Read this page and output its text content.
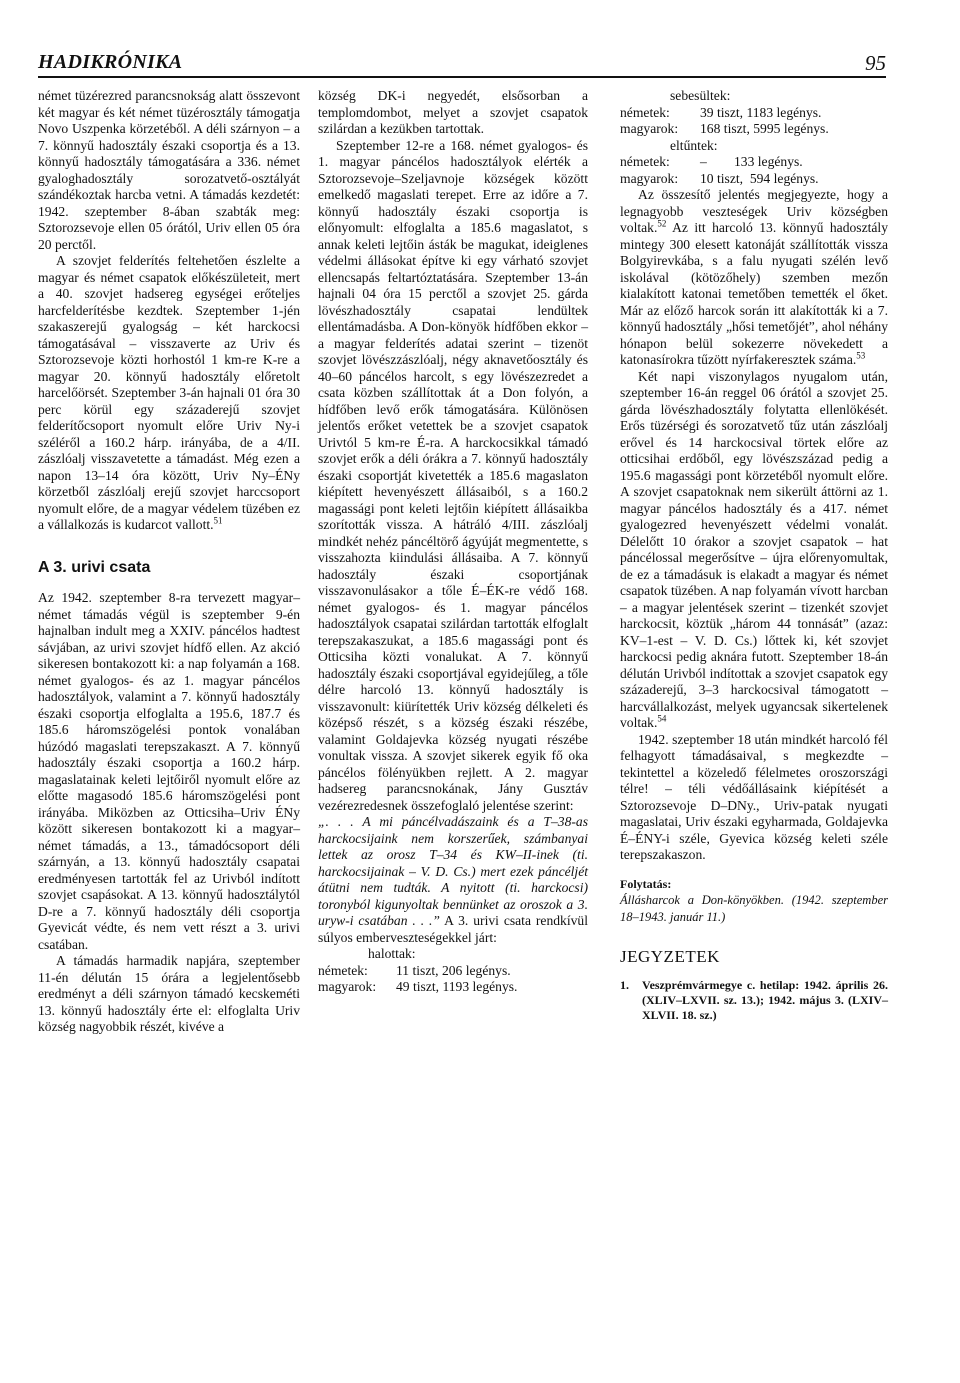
HADIKRÓNIKA	95

német tüzérezred parancsnokság alatt összevont két magyar és két német tüzérosztály támogatja Novo Uszpenka körzetéből. A déli szárnyon – a 7. könnyű hadosztály északi csoportja és a 13. könnyű hadosztály támogatására a 336. német gyaloghadosztály sorozatvető-osztályát szándékoztak harcba vetni. A támadás kezdetét: 1942. szeptember 8-ában szabták meg: Sztorozsevoje ellen 05 órától, Uriv ellen 05 óra 20 perctől.

A szovjet felderítés feltehetően észlelte a magyar és német csapatok előkészületeit, mert a 40. szovjet hadsereg egységei erőteljes harcfelderítésbe kezdtek. Szeptember 1-jén szakaszerejű gyalogság – két harckocsi támogatásával – visszaverte az Uriv és Sztorozsevoje közti horhostól 1 km-re K-re a magyar 20. könnyű hadosztály előretolt harcelőörsét. Szeptember 3-án hajnali 01 óra 30 perc körül egy századerejű szovjet felderítőcsoport nyomult előre Uriv Ny-i széléről a 160.2 hárp. irányába, de a 4/II. zászlóalj visszavetette a támadást. Még ezen a napon 13–14 óra között, Uriv Ny–ÉNy körzetből zászlóalj erejű szovjet harccsoport nyomult előre, de a magyar védelem tüzében ez a vállalkozás is kudarcot vallott.$^{51}$

A 3. urivi csata

Az 1942. szeptember 8-ra tervezett magyar–német támadás végül is szeptember 9-én hajnalban indult meg a XXIV. páncélos hadtest sávjában, az urivi szovjet hídfő ellen. Az akció sikeresen bontakozott ki: a nap folyamán a 168. német gyalogos- és az 1. magyar páncélos hadosztályok, valamint a 7. könnyű hadosztály északi csoportja elfoglalta a 195.6, 187.7 és 185.6 háromszögelési pontok vonalában húzódó magaslati terepszakaszt. A 7. könnyű hadosztály északi csoportja a 160.2 hárp. magaslatainak keleti lejtőiről nyomult előre az előtte magasodó 185.6 háromszögelési pont irányába. Miközben az Otticsiha–Uriv ÉNy között sikeresen bontakozott ki a magyar–német támadás, a 13., támadócsoport déli szárnyán, a 13. könnyű hadosztály csapatai eredményesen tartották fel az Urivból indított szovjet csapásokat. A 13. könnyű hadosztálytól D-re a 7. könnyű hadosztály déli csoportja Gyevicát védte, és nem vett részt a 3. urivi csatában.

A támadás harmadik napjára, szeptember 11-én délután 15 órára a legjelentősebb eredményt a déli szárnyon támadó kecskeméti 13. könnyű hadosztály érte el: elfoglalta Uriv község nagyobbik részét, kivéve a

község DK-i negyedét, elsősorban a templomdombot, melyet a szovjet csapatok szilárdan a kezükben tartottak.

Szeptember 12-re a 168. német gyalogos- és 1. magyar páncélos hadosztályok elérték a Sztorozsevoje–Szeljavnoje községek között emelkedő magaslati terepet. Erre az időre a 7. könnyű hadosztály északi csoportja is előnyomult: elfoglalta a 185.6 magaslatot, s annak keleti lejtőin ásták be magukat, ideiglenes védelmi állásokat építve ki egy várható szovjet ellencsapás feltartóztatására. Szeptember 13-án hajnali 04 óra 15 perctől a szovjet 25. gárda lövészhadosztály csapatai lendültek ellentámadásba. A Don-könyök hídfőben ekkor – a magyar felderítés adatai szerint – tizenöt szovjet lövészzászlóalj, négy aknavetőosztály és 40–60 páncélos harcolt, s egy lövészezredet a csata közben szállítottak át a Don folyón, a hídfőben levő erők támogatására. Különösen jelentős erőket vetettek be a szovjet csapatok Urivtól 5 km-re É-ra. A harckocsikkal támadó szovjet erők a déli órákra a 7. könnyű hadosztály északi csoportját kivetették a 185.6 magaslaton kiépített hevenyészett állásaiból, s a 160.2 magassági pont keleti lejtőin kiépített állásaikba szorították vissza. A hátráló 4/III. zászlóalj mindkét nehéz páncéltörő ágyúját megmentette, s visszahozta kiindulási állásaiba. A 7. könnyű hadosztály északi csoportjának visszavonulásakor a tőle É–ÉK-re védő 168. német gyalogos- és 1. magyar páncélos hadosztályok csapatai szilárdan tartották elfoglalt terepszakaszukat, a 185.6 magassági pont és Otticsiha közti vonalukat. A 7. könnyű hadosztály északi csoportjával egyidejűleg, a tőle délre harcoló 13. könnyű hadosztály is visszavonult: kiürítették Uriv község délkeleti és középső részét, s a község északi részébe, valamint Goldajevka község nyugati részébe vonultak vissza. A szovjet sikerek egyik fő oka páncélos fölényükben rejlett. A 2. magyar hadsereg parancsnokának, Jány Gusztáv vezérezredesnek összefoglaló jelentése szerint:

„. . . A mi páncélvadászaink és a T–38-as harckocsijaink nem korszerűek, számbanyai lettek az orosz T–34 és KW–II-inek (ti. harckocsijainak – V. D. Cs.) mert ezek páncéljét átütni nem tudták. A nyitott (ti. harckocsi) toronyból kigunyoltak bennünket az oroszok a 3. uryw-i csatában . . .” A 3. urivi csata rendkívül súlyos emberveszteségekkel járt:

halottak:

németek:	11 tiszt, 206 legénys.
magyarok:	49 tiszt, 1193 legénys.

sebesültek:

németek:	39 tiszt, 1183 legénys.
magyarok:	168 tiszt, 5995 legénys.

eltűntek:

németek:	–        133 legénys.
magyarok:	10 tiszt,  594 legénys.

Az összesítő jelentés megjegyezte, hogy a legnagyobb veszteségek Uriv községben voltak.$^{52}$ Az itt harcoló 13. könnyű hadosztály mintegy 300 elesett katonáját szállították vissza Bolgyirevkába, s a falu nyugati szélén levő iskolával (kötözőhely) szemben mezőn kialakított katonai temetőben temették el őket. Már az előző harcok során itt alakították ki a 7. könnyű hadosztály „hősi temetőjét”, ahol néhány hónapon belül sokezerre növekedett a katonasírokra tűzött nyírfakeresztek száma.$^{53}$

Két napi viszonylagos nyugalom után, szeptember 16-án reggel 06 órától a szovjet 25. gárda lövészhadosztály folytatta ellenlökését. Erős tüzérségi és sorozatvető tűz után zászlóalj erővel és 14 harckocsival törtek előre az otticsihai erdőből, egy lövészszázad pedig a 195.6 magassági pont körzetéből nyomult előre. A szovjet csapatoknak nem sikerült áttörni az 1. magyar páncélos hadosztály és a 417. német gyalogezred hevenyészett védelmi vonalát. Délelőtt 10 órakor a szovjet csapatok – hat páncélossal megerősítve – újra előrenyomultak, de ez a támadásuk is elakadt a magyar és német csapatok tüzében. A nap folyamán vívott harcban – a magyar jelentések szerint – tizenkét szovjet harckocsit, köztük „három 44 tonnását” (azaz: KV–1-est – V. D. Cs.) lőttek ki, két szovjet harckocsi pedig aknára futott. Szeptember 18-án délután Urivból indítottak a szovjet csapatok egy századerejű, 3–3 harckocsival támogatott – harcvállalkozást, melyek ugyancsak sikertelenek voltak.$^{54}$

1942. szeptember 18 után mindkét harcoló fél felhagyott támadásaival, s megkezdte – tekintettel a közeledő félelmetes oroszországi télre! – téli védőállásaink kiépítését a Sztorozsevoje D–DNy., Uriv-patak nyugati magaslatai, Uriv északi egyharmada, Goldajevka É–ÉNY-i széle, Gyevica község keleti széle terepszakaszon.

Folytatás:
Állásharcok a Don-könyökben. (1942. szeptember 18–1943. január 11.)
JEGYZETEK
1.	Veszprémvármegye c. hetilap: 1942. április 26. (XLIV–LXVII. sz. 13.); 1942. május 3. (LXIV–XLVII. 18. sz.)
